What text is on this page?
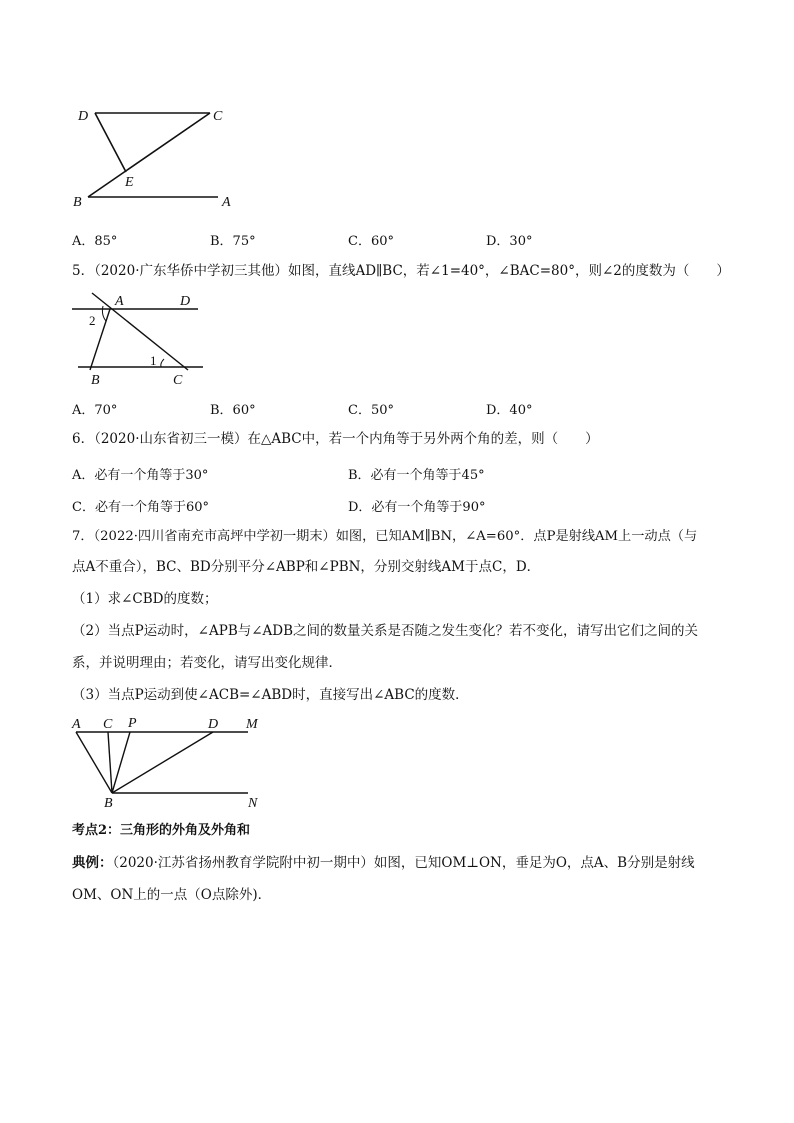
D	C
E
B	A
A．85°	B．75°	C．60°	D．30°
5．（2020·广东华侨中学初三其他）如图，直线AD∥BC，若∠1=40°，∠BAC=80°，则∠2的度数为（　　）
A	D
2
1
B	C
A．70°	B．60°	C．50°	D．40°
6．（2020·山东省初三一模）在△ABC中，若一个内角等于另外两个角的差，则（　　）
A．必有一个角等于30°	B．必有一个角等于45°
C．必有一个角等于60°	D．必有一个角等于90°
7．（2022·四川省南充市高坪中学初一期末）如图，已知AM∥BN，∠A=60°．点P是射线AM上一动点（与
点A不重合），BC、BD分别平分∠ABP和∠PBN，分别交射线AM于点C，D．
（1）求∠CBD的度数；
（2）当点P运动时，∠APB与∠ADB之间的数量关系是否随之发生变化？若不变化，请写出它们之间的关
系，并说明理由；若变化，请写出变化规律．
（3）当点P运动到使∠ACB=∠ABD时，直接写出∠ABC的度数．
A C P	D M
B	N
考点2：三角形的外角及外角和
典例：（2020·江苏省扬州教育学院附中初一期中）如图，已知OM⊥ON，垂足为O，点A、B分别是射线
OM、ON上的一点（O点除外)．
